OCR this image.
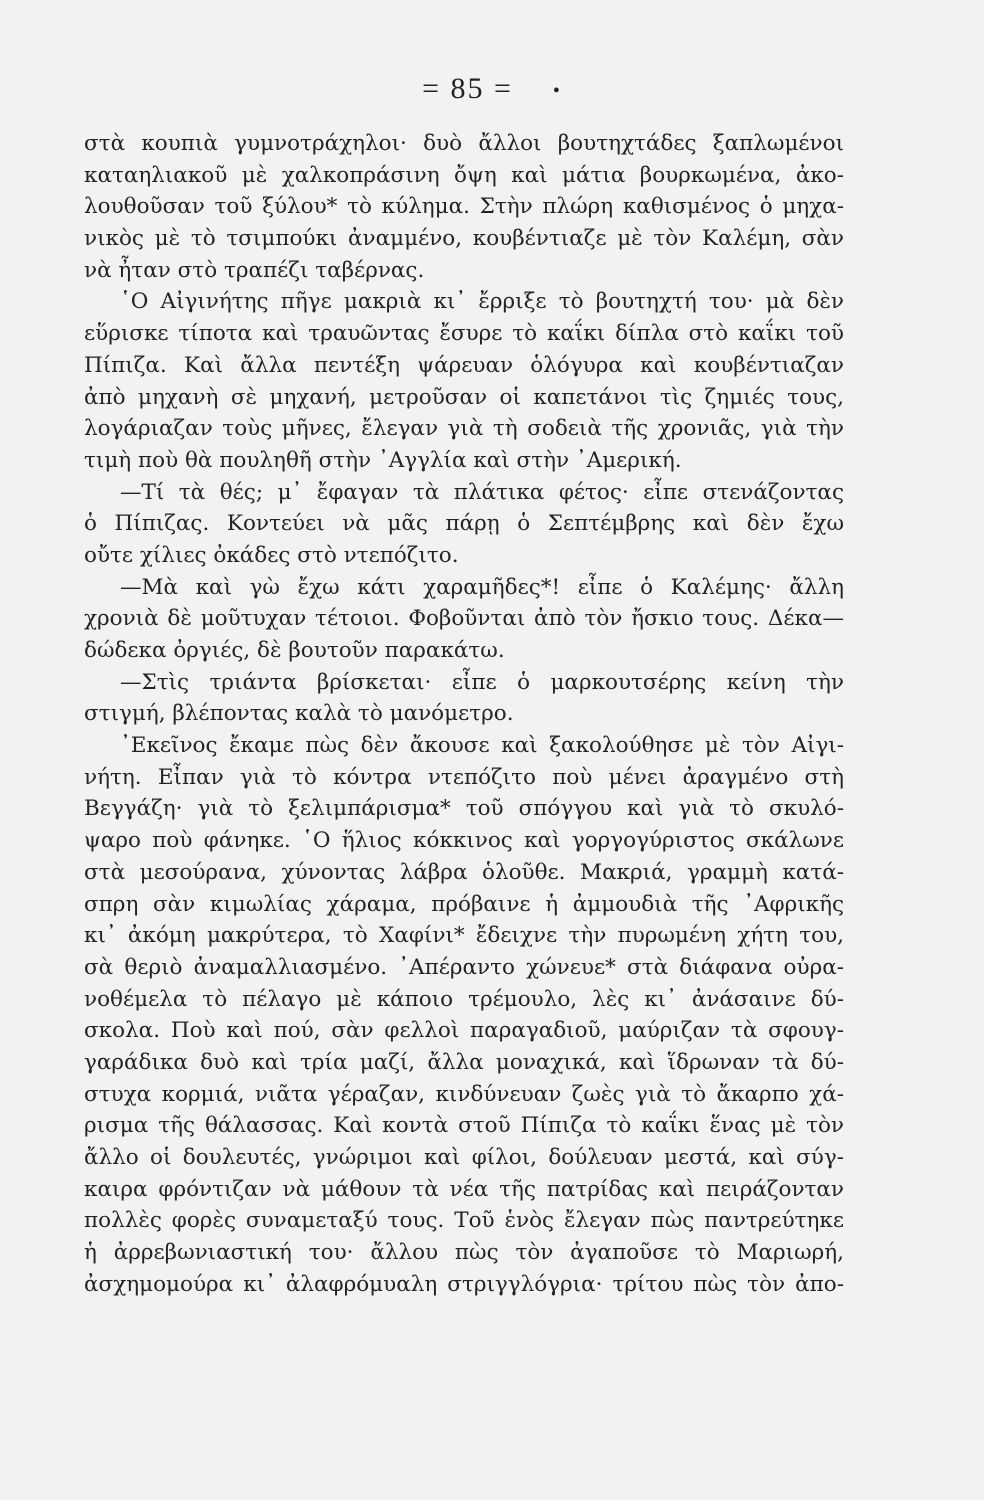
= 85 = •
στὰ κουπιὰ γυμνοτράχηλοι· δυὸ ἄλλοι βουτηχτάδες ξαπλωμένοι
καταηλιακοῦ μὲ χαλκοπράσινη ὄψη καὶ μάτια βουρκωμένα, ἀκο-
λουθοῦσαν τοῦ ξύλου* τὸ κύλημα. Στὴν πλώρη καθισμένος ὁ μηχα-
νικὸς μὲ τὸ τσιμπούκι ἀναμμένο, κουβέντιαζε μὲ τὸν Καλέμη, σὰν
νὰ ἦταν στὸ τραπέζι ταβέρνας.
῾Ο Αἰγινήτης πῆγε μακριὰ κι᾿ ἔρριξε τὸ βουτηχτή του· μὰ δὲν
εὕρισκε τίποτα καὶ τραυῶντας ἔσυρε τὸ καΐκι δίπλα στὸ καΐκι τοῦ
Πίπιζα. Καὶ ἄλλα πεντέξη ψάρευαν ὁλόγυρα καὶ κουβέντιαζαν
ἀπὸ μηχανὴ σὲ μηχανή, μετροῦσαν οἱ καπετάνοι τὶς ζημιές τους,
λογάριαζαν τοὺς μῆνες, ἔλεγαν γιὰ τὴ σοδειὰ τῆς χρονιᾶς, γιὰ τὴν
τιμὴ ποὺ θὰ πουληθῆ στὴν ᾿Αγγλία καὶ στὴν ᾿Αμερική.
—Τί τὰ θές; μ᾿ ἔφαγαν τὰ πλάτικα φέτος· εἶπε στενάζοντας
ὁ Πίπιζας. Κοντεύει νὰ μᾶς πάρῃ ὁ Σεπτέμβρης καὶ δὲν ἔχω
οὔτε χίλιες ὀκάδες στὸ ντεπόζιτο.
—Μὰ καὶ γὼ ἔχω κάτι χαραμῆδες*! εἶπε ὁ Καλέμης· ἄλλη
χρονιὰ δὲ μοῦτυχαν τέτοιοι. Φοβοῦνται ἀπὸ τὸν ἤσκιο τους. Δέκα—
δώδεκα ὀργιές, δὲ βουτοῦν παρακάτω.
—Στὶς τριάντα βρίσκεται· εἶπε ὁ μαρκουτσέρης κείνη τὴν
στιγμή, βλέποντας καλὰ τὸ μανόμετρο.
᾿Εκεῖνος ἔκαμε πὼς δὲν ἄκουσε καὶ ξακολούθησε μὲ τὸν Αἰγι-
νήτη. Εἶπαν γιὰ τὸ κόντρα ντεπόζιτο ποὺ μένει ἀραγμένο στὴ
Βεγγάζη· γιὰ τὸ ξελιμπάρισμα* τοῦ σπόγγου καὶ γιὰ τὸ σκυλό-
ψαρο ποὺ φάνηκε. ῾Ο ἥλιος κόκκινος καὶ γοργογύριστος σκάλωνε
στὰ μεσούρανα, χύνοντας λάβρα ὁλοῦθε. Μακριά, γραμμὴ κατά-
σπρη σὰν κιμωλίας χάραμα, πρόβαινε ἡ ἀμμουδιὰ τῆς ᾿Αφρικῆς
κι᾿ ἀκόμη μακρύτερα, τὸ Χαφίνι* ἔδειχνε τὴν πυρωμένη χήτη του,
σὰ θεριὸ ἀναμαλλιασμένο. ᾿Απέραντο χώνευε* στὰ διάφανα οὐρα-
νοθέμελα τὸ πέλαγο μὲ κάποιο τρέμουλο, λὲς κι᾿ ἀνάσαινε δύ-
σκολα. Ποὺ καὶ πού, σὰν φελλοὶ παραγαδιοῦ, μαύριζαν τὰ σφουγ-
γαράδικα δυὸ καὶ τρία μαζί, ἄλλα μοναχικά, καὶ ἵδρωναν τὰ δύ-
στυχα κορμιά, νιᾶτα γέραζαν, κινδύνευαν ζωὲς γιὰ τὸ ἄκαρπο χά-
ρισμα τῆς θάλασσας. Καὶ κοντὰ στοῦ Πίπιζα τὸ καΐκι ἕνας μὲ τὸν
ἄλλο οἱ δουλευτές, γνώριμοι καὶ φίλοι, δούλευαν μεστά, καὶ σύγ-
καιρα φρόντιζαν νὰ μάθουν τὰ νέα τῆς πατρίδας καὶ πειράζονταν
πολλὲς φορὲς συναμεταξύ τους. Τοῦ ἑνὸς ἔλεγαν πὼς παντρεύτηκε
ἡ ἀρρεβωνιαστική του· ἄλλου πὼς τὸν ἀγαποῦσε τὸ Μαριωρή,
ἀσχημομούρα κι᾿ ἀλαφρόμυαλη στριγγλόγρια· τρίτου πὼς τὸν ἀπο-
